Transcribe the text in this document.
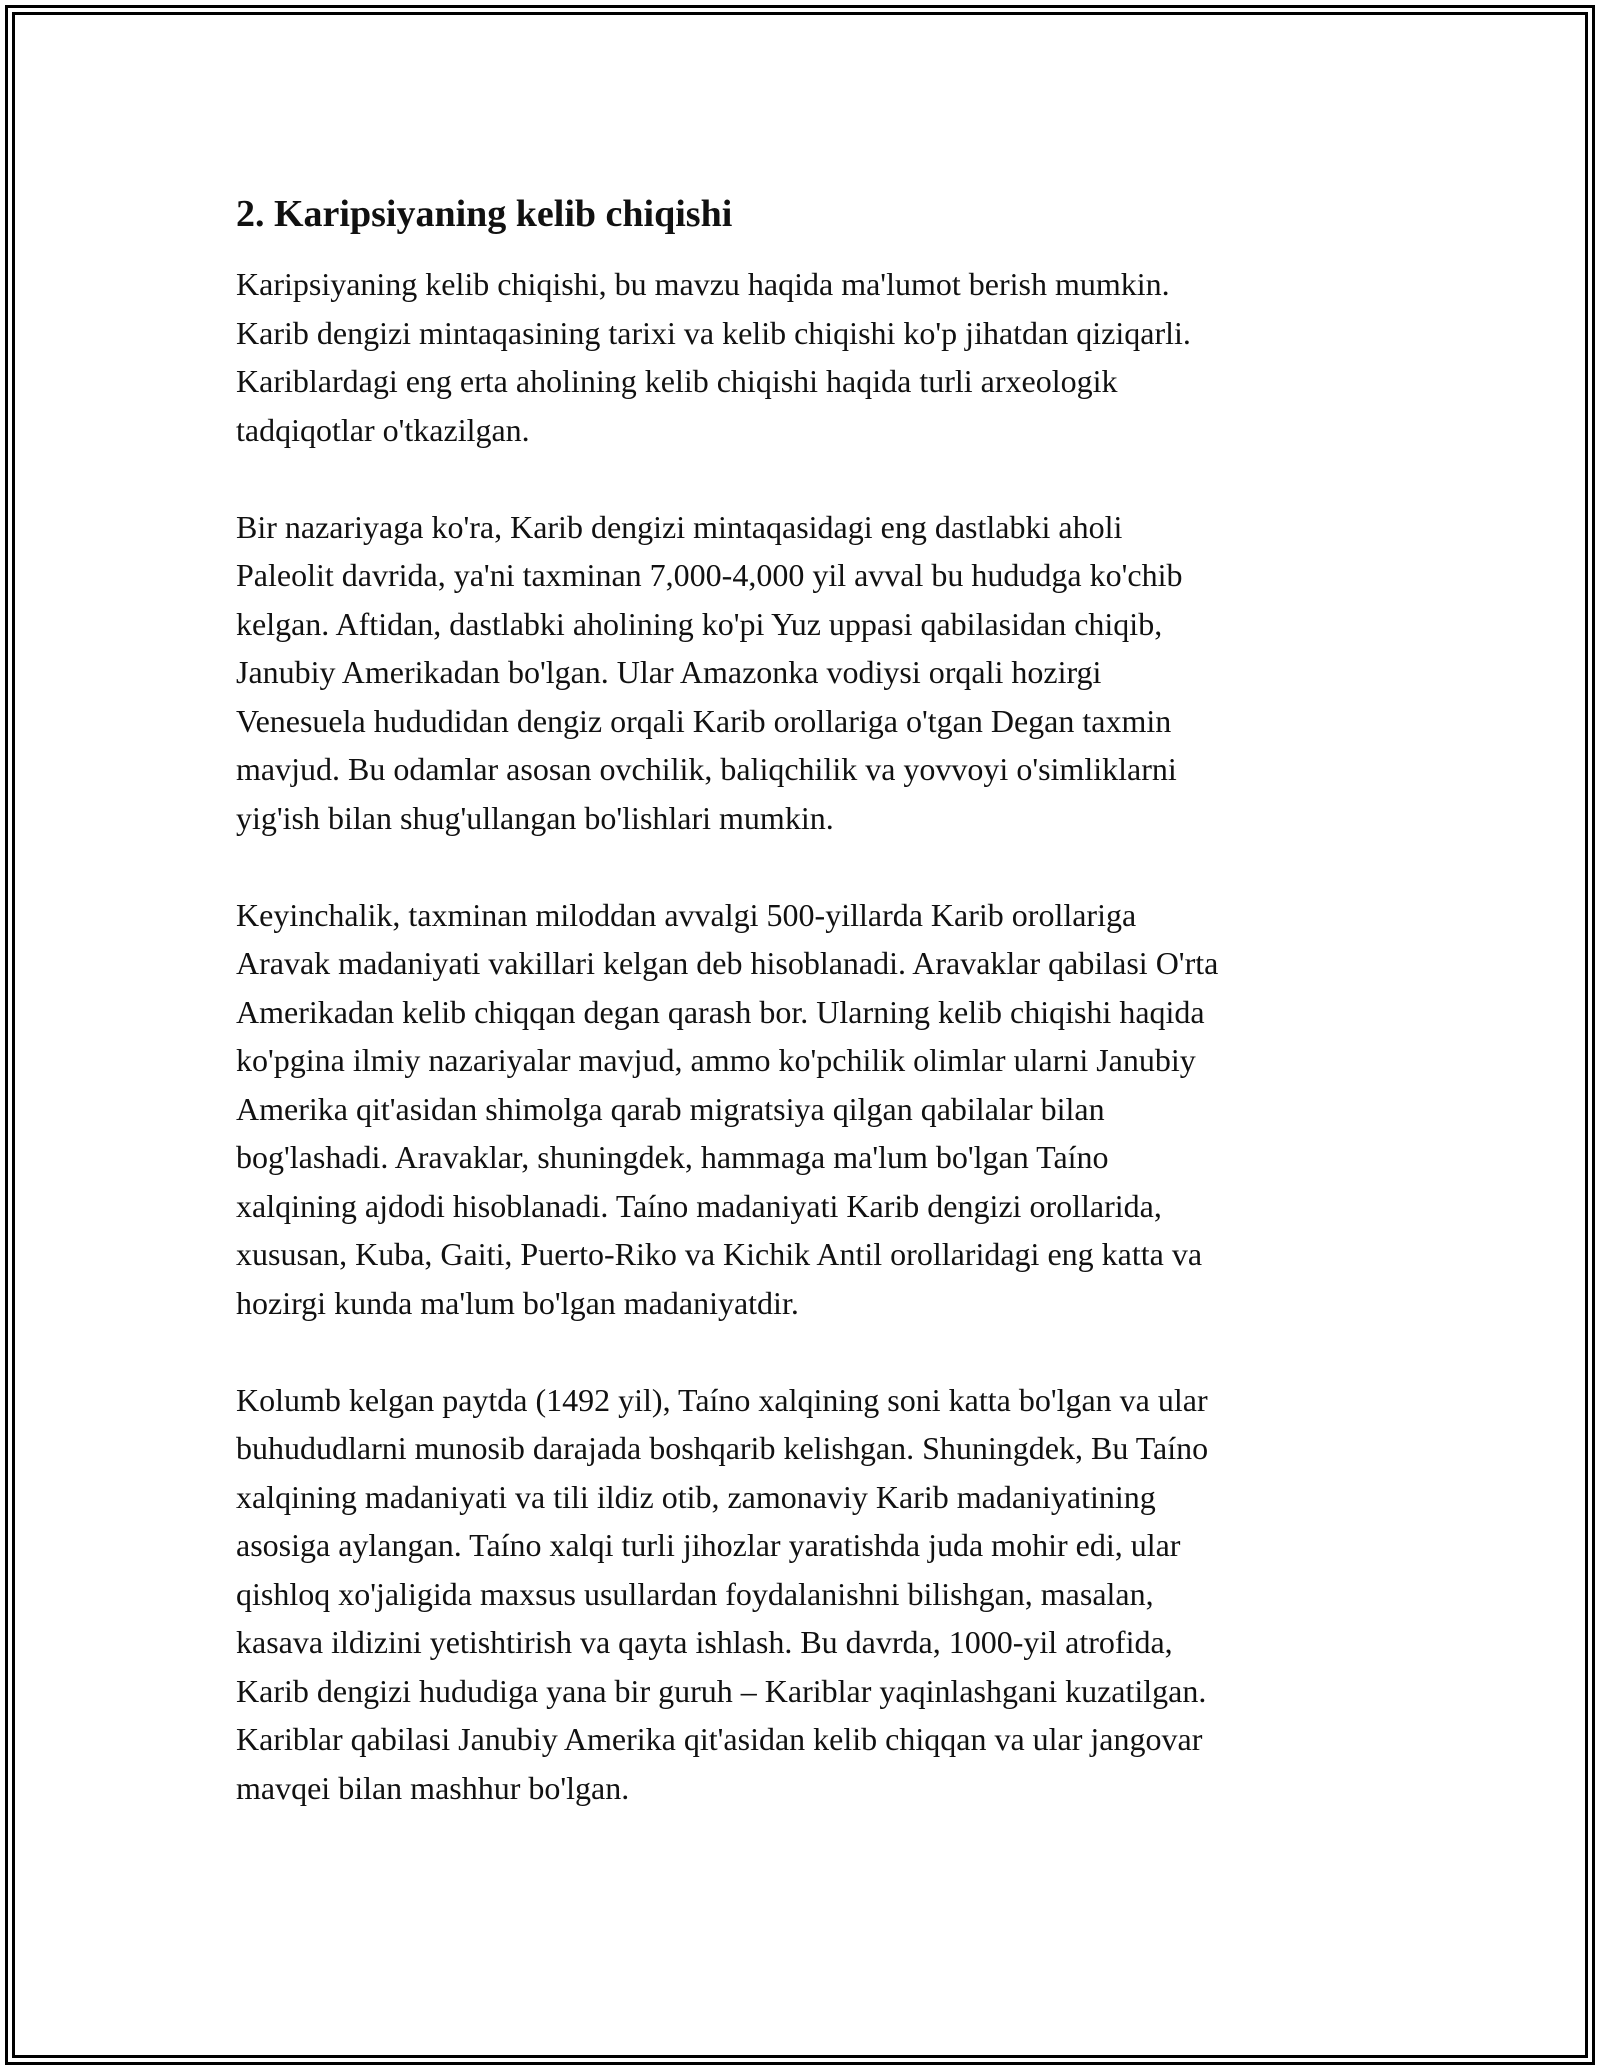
2. Karipsiyaning kelib chiqishi

Karipsiyaning kelib chiqishi, bu mavzu haqida ma'lumot berish mumkin.
Karib dengizi mintaqasining tarixi va kelib chiqishi ko'p jihatdan qiziqarli.
Kariblardagi eng erta aholining kelib chiqishi haqida turli arxeologik
tadqiqotlar o'tkazilgan.

Bir nazariyaga ko'ra, Karib dengizi mintaqasidagi eng dastlabki aholi
Paleolit davrida, ya'ni taxminan 7,000-4,000 yil avval bu hududga ko'chib
kelgan. Aftidan, dastlabki aholining ko'pi Yuz uppasi qabilasidan chiqib,
Janubiy Amerikadan bo'lgan. Ular Amazonka vodiysi orqali hozirgi
Venesuela hududidan dengiz orqali Karib orollariga o'tgan Degan taxmin
mavjud. Bu odamlar asosan ovchilik, baliqchilik va yovvoyi o'simliklarni
yig'ish bilan shug'ullangan bo'lishlari mumkin.

Keyinchalik, taxminan miloddan avvalgi 500-yillarda Karib orollariga
Aravak madaniyati vakillari kelgan deb hisoblanadi. Aravaklar qabilasi O'rta
Amerikadan kelib chiqqan degan qarash bor. Ularning kelib chiqishi haqida
ko'pgina ilmiy nazariyalar mavjud, ammo ko'pchilik olimlar ularni Janubiy
Amerika qit'asidan shimolga qarab migratsiya qilgan qabilalar bilan
bog'lashadi. Aravaklar, shuningdek, hammaga ma'lum bo'lgan Taíno
xalqining ajdodi hisoblanadi. Taíno madaniyati Karib dengizi orollarida,
xususan, Kuba, Gaiti, Puerto-Riko va Kichik Antil orollaridagi eng katta va
hozirgi kunda ma'lum bo'lgan madaniyatdir.

Kolumb kelgan paytda (1492 yil), Taíno xalqining soni katta bo'lgan va ular
buhududlarni munosib darajada boshqarib kelishgan. Shuningdek, Bu Taíno
xalqining madaniyati va tili ildiz otib, zamonaviy Karib madaniyatining
asosiga aylangan. Taíno xalqi turli jihozlar yaratishda juda mohir edi, ular
qishloq xo'jaligida maxsus usullardan foydalanishni bilishgan, masalan,
kasava ildizini yetishtirish va qayta ishlash. Bu davrda, 1000-yil atrofida,
Karib dengizi hududiga yana bir guruh – Kariblar yaqinlashgani kuzatilgan.
Kariblar qabilasi Janubiy Amerika qit'asidan kelib chiqqan va ular jangovar
mavqei bilan mashhur bo'lgan.
